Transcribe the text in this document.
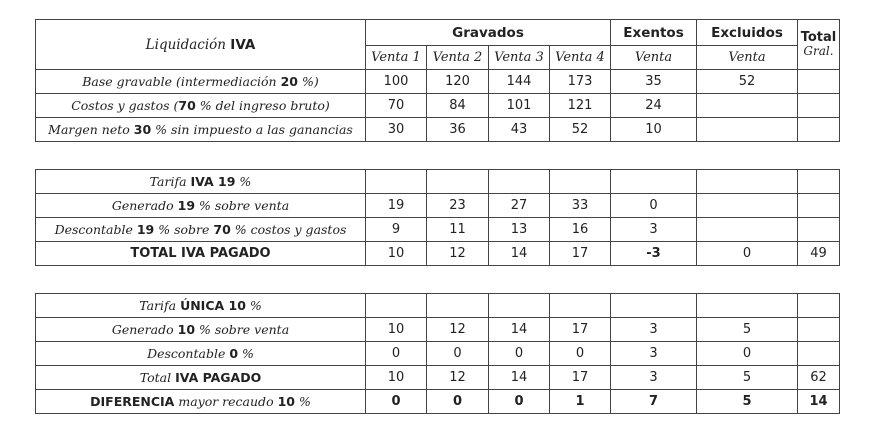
Liquidación IVA	Gravados				Exentos	Excluidos	Total
Gral.

	Venta 1	Venta 2	Venta 3	Venta 4	Venta	Venta	
Base gravable (intermediación 20 %)	100	120	144	173	35	52	
Costos y gastos (70 % del ingreso bruto)	70	84	101	121	24		
Margen neto 30 % sin impuesto a las ganancias	30	36	43	52	10		
Tarifa IVA 19 %							
Generado 19 % sobre venta	19	23	27	33	0		
Descontable 19 % sobre 70 % costos y gastos	9	11	13	16	3		
TOTAL IVA PAGADO	10	12	14	17	-3	0	49
Tarifa ÚNICA 10 %							
Generado 10 % sobre venta	10	12	14	17	3	5	
Descontable 0 %	0	0	0	0	3	0	
Total IVA PAGADO	10	12	14	17	3	5	62
DIFERENCIA mayor recaudo 10 %	0	0	0	1	7	5	14
